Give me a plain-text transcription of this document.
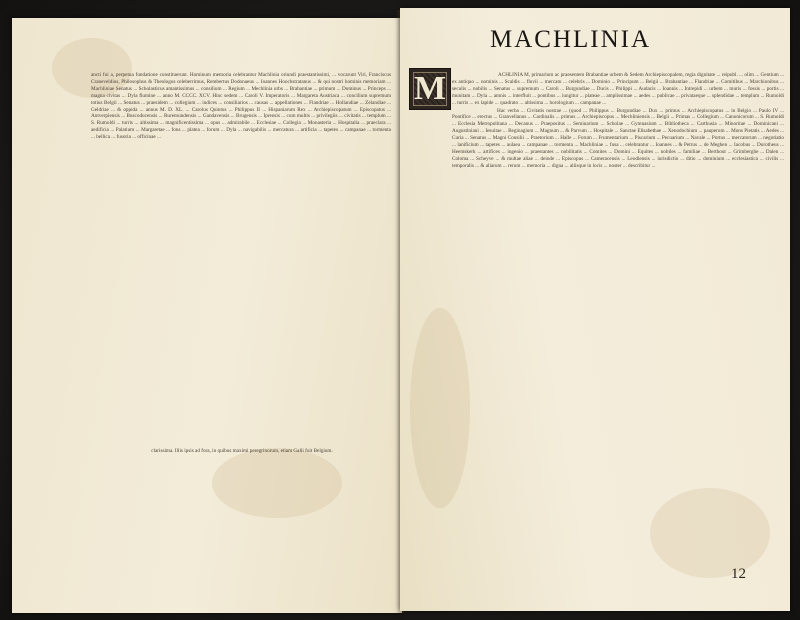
ancti fui a, perpetua fundatione constituerunt. Hominum memoria celebrantur Machlinia oriundi praestantissimi, ... vocarunt Viri, Franciscus Craneveldius, Philosophus & Theologus celeberrimus, Rembertus Dodonaeus ... Ioannes Hoochstratanus ... & qui nostri hominis memoriam ... Machliniae Senatus ... Scholasticus amantissimus ... consilium ... Regium ... Mechlinia urbs ... Brabantiae ... primum ... Dominus ... Princeps ... magna civitas ... Dyla flumine ... anno M. CCCC. XCV. Hinc sedem ... Caroli V. Imperatoris ... Margareta Austriaca ... concilium supremum totius Belgii ... Senatus ... praesidem ... collegium ... iudices ... consiliarios ... causas ... appellationes ... Flandriae ... Hollandiae ... Zelandiae ... Geldriae ... & oppida ... annus M. D. XL. ... Carolus Quintus ... Philippus II ... Hispaniarum Rex ... Archiepiscopatum ... Episcopatus ... Antverpiensis ... Buscoducensis ... Ruremundensis ... Gandavensis ... Brugensis ... Iprensis ... cum multis ... privilegiis ... civitatis ... templum ... S. Rumoldi ... turris ... altissima ... magnificentissima ... opus ... admirabile ... Ecclesiae ... Collegia ... Monasteria ... Hospitalia ... praeclara ... aedificia ... Palatium ... Margaretae ... fons ... platea ... forum ... Dyla ... navigabilis ... mercatura ... artificia ... tapetes ... campanae ... tormenta ... bellica ... fusoria ... officinae ...
clarissima. Illis ipsis ad fora, in quibus maximi peregrinorum, etiam Galli fuit Belgium.

ACHLINIA M, primarium ac praesentem Brabantiae urbem & Sedem Archiepiscopalem, regia dignitate ... reipubl. ... olim ... Gentium ... ex antiquo ... nominis ... Scaldis ... fluvii ... mercatu ... celebris ... Dominio ... Principum ... Belgii ... Brabantiae ... Flandriae ... Comitibus ... Marchionibus ... seculis ... nobilis ... Senatus ... supremum ... Caroli ... Burgundiae ... Ducis ... Philippi ... Audacis ... Ioannis ... Intrepidi ... urbem ... muris ... fossis ... portis ... munitam ... Dyla ... amnis ... interfluit ... pontibus ... iungitur ... plateae ... amplissimae ... aedes ... publicae ... privataeque ... splendidae ... templum ... Rumoldi ... turris ... ex lapide ... quadrato ... altissima ... horologium ... campanae ...

Hac verba ... Civitatis nostrae ... (quod ... Philippus ... Burgundiae ... Dux ... primus ... Archiepiscopatus ... in Belgio ... Paulo IV ... Pontifice ... erectus ... Granvellanus ... Cardinalis ... primus ... Archiepiscopus ... Mechliniensis ... Belgii ... Primas ... Collegium ... Canonicorum ... S. Rumoldi ... Ecclesia Metropolitana ... Decanus ... Praepositus ... Seminarium ... Scholae ... Gymnasium ... Bibliotheca ... Carthusia ... Minoritae ... Dominicani ... Augustiniani ... Iesuitae ... Beginagium ... Magnum ... & Parvum ... Hospitale ... Sanctae Elisabethae ... Xenodochium ... pauperum ... Mons Pietatis ... Aedes ... Curia ... Senatus ... Magni Consilii ... Praetorium ... Halle ... Forum ... Frumentarium ... Piscarium ... Pecuarium ... Navale ... Portus ... mercatorum ... negotiatio ... lanificium ... tapetes ... aulaea ... campanae ... tormenta ... Machliniae ... fusa ... celebrantur ... Ioannes ... & Petrus ... de Meghen ... Iacobus ... Dorotheus ... Heemskerk ... artifices ... ingenio ... praestantes ... nobilitatis ... Comites ... Domini ... Equites ... nobiles ... familiae ... Berthout ... Grimberghe ... Dalen ... Coloma ... Scheyve ... & multae aliae ... deinde ... Episcopus ... Cameracensis ... Leodiensis ... iurisdictio ... ditio ... dominium ... ecclesiastica ... civilis ... temporalis ... & aliarum ... rerum ... memoria ... digna ... aliisque in locis ... noster ... describitur ...

MACHLINIA
M
12
